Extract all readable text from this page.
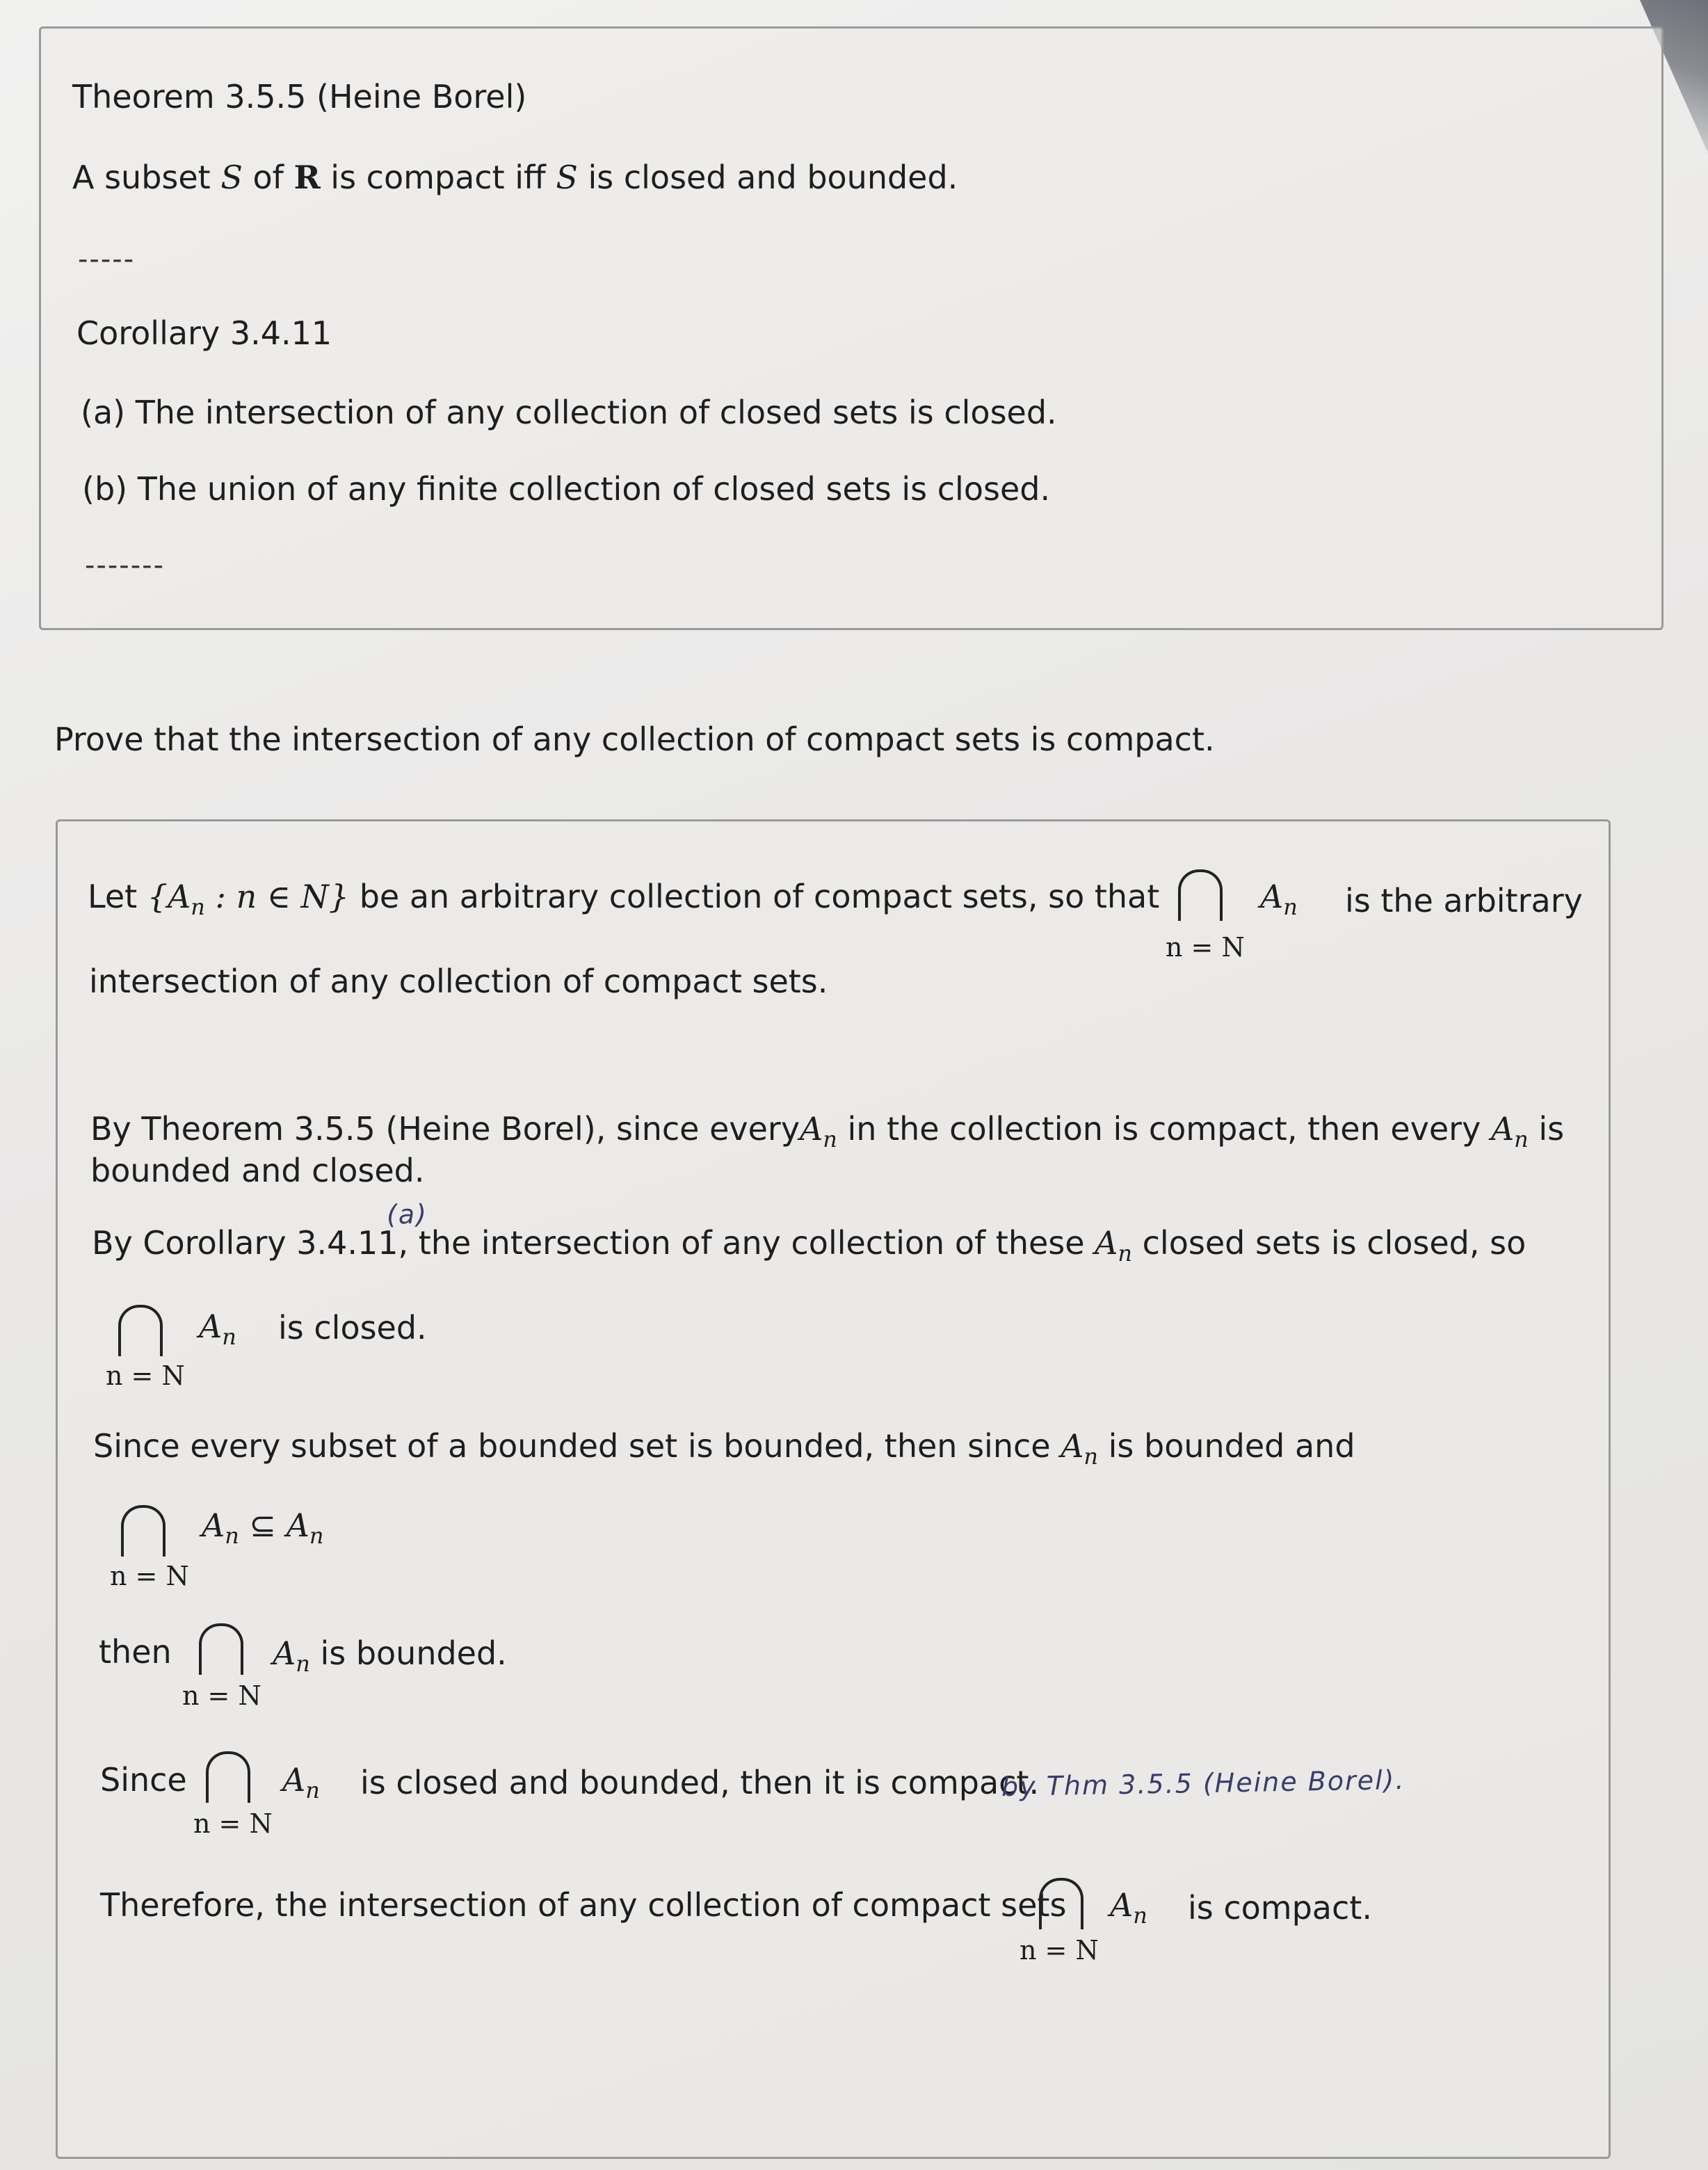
Theorem 3.5.5 (Heine Borel)
A subset S of R is compact iff S is closed and bounded.
-----
Corollary 3.4.11
(a) The intersection of any collection of closed sets is closed.
(b) The union of any finite collection of closed sets is closed.
-------
Prove that the intersection of any collection of compact sets is compact.
Let {$A_n$ : n ∈ N} be an arbitrary collection of compact sets, so that
n = N
$A_n$ is the arbitrary
intersection of any collection of compact sets.
By Theorem 3.5.5 (Heine Borel), since everyA$_n$ in the collection is compact, then every $A_n$ is
bounded and closed.
(a)
By Corollary 3.4.11, the intersection of any collection of these $A_n$ closed sets is closed, so
n = N
$A_n$ is closed.
Since every subset of a bounded set is bounded, then since $A_n$ is bounded and
n = N
$A_n$ ⊆ $A_n$
then
n = N
$A_n$ is bounded.
Since
n = N
$A_n$ is closed and bounded, then it is compact.
by Thm 3.5.5 (Heine Borel).
Therefore, the intersection of any collection of compact sets
n = N
$A_n$ is compact.
